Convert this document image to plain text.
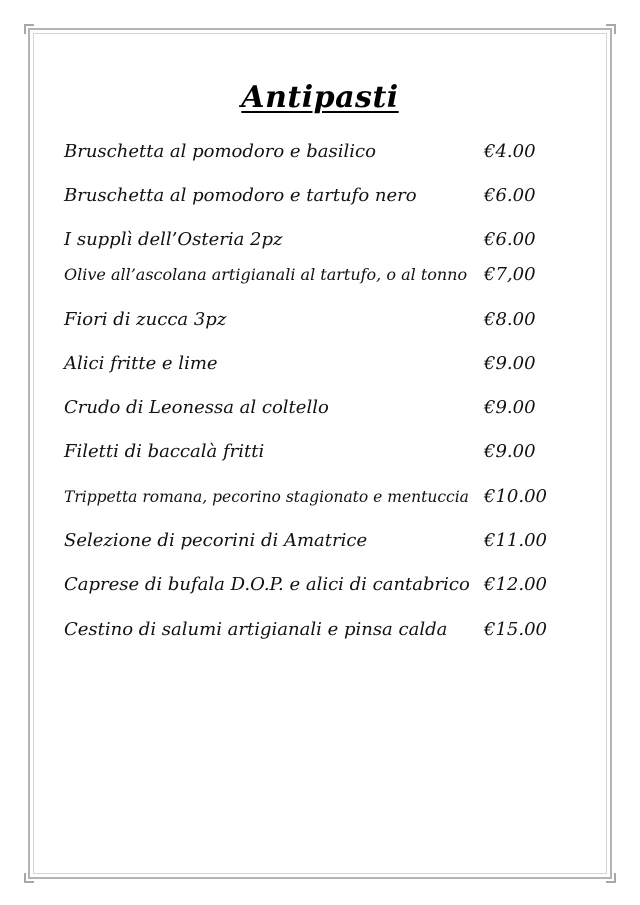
Antipasti
Bruschetta al pomodoro e basilico	€4.00
Bruschetta al pomodoro e tartufo nero	€6.00
I supplì dell’Osteria 2pz	€6.00
Olive all’ascolana artigianali al tartufo, o al tonno €7,00
Fiori di zucca 3pz	€8.00
Alici fritte e lime	€9.00
Crudo di Leonessa al coltello	€9.00
Filetti di baccalà fritti	€9.00
Trippetta romana, pecorino stagionato e mentuccia €10.00
Selezione di pecorini di Amatrice	€11.00
Caprese di bufala D.O.P. e alici di cantabrico €12.00
Cestino di salumi artigianali e pinsa calda €15.00
